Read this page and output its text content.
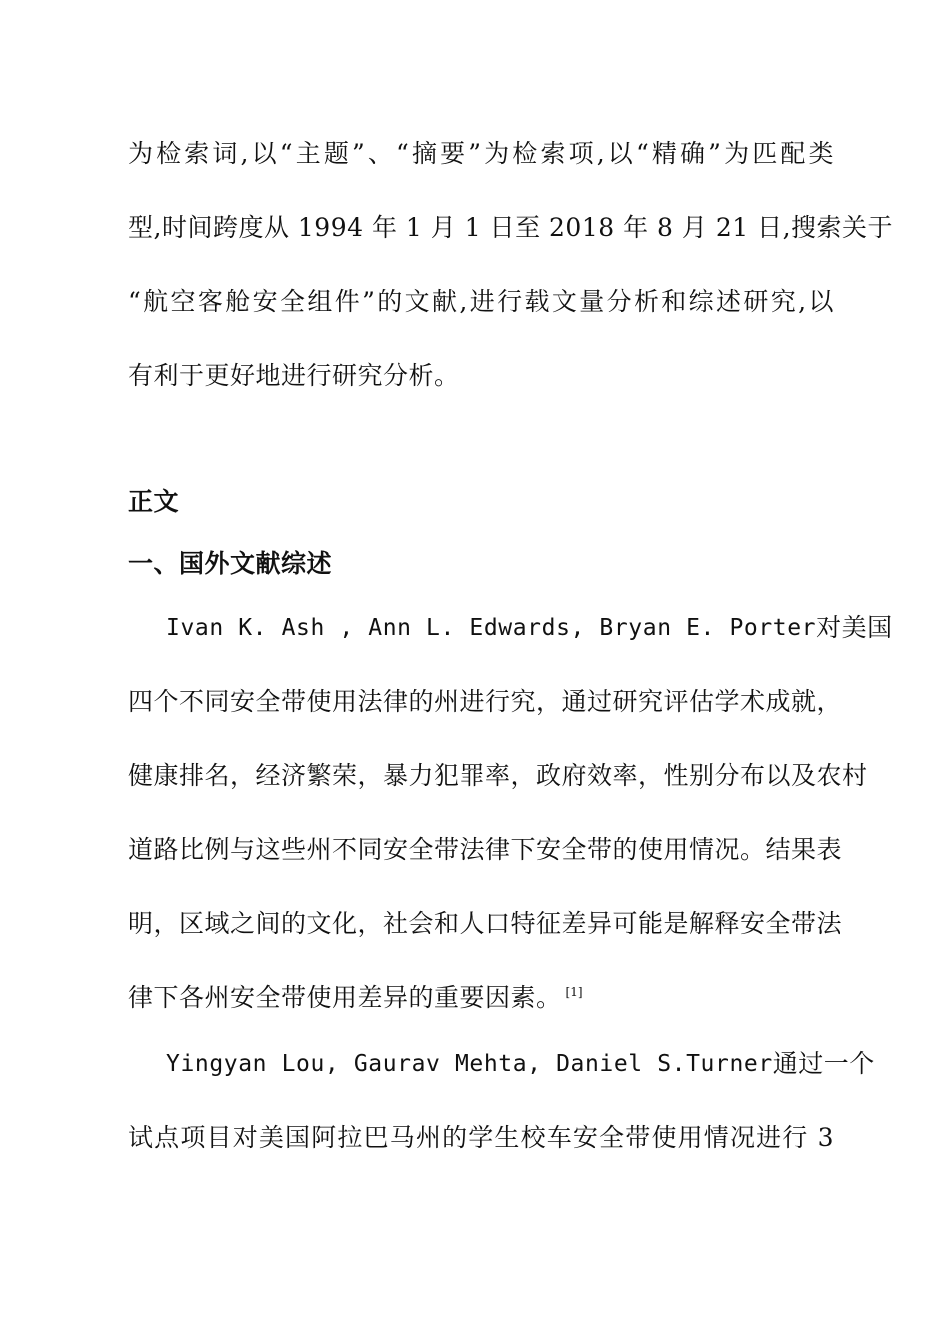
为检索词,以“主题”、“摘要”为检索项,以“精确”为匹配类
型,时间跨度从 1994 年 1 月 1 日至 2018 年 8 月 21 日,搜索关于
“航空客舱安全组件”的文献,进行载文量分析和综述研究,以
有利于更好地进行研究分析。
正文
一、国外文献综述
Ivan K. Ash , Ann L. Edwards, Bryan E. Porter 对美国
四个不同安全带使用法律的州进行究，通过研究评估学术成就，
健康排名，经济繁荣，暴力犯罪率，政府效率，性别分布以及农村
道路比例与这些州不同安全带法律下安全带的使用情况。结果表
明，区域之间的文化，社会和人口特征差异可能是解释安全带法
律下各州安全带使用差异的重要因素。 [1]
Yingyan Lou, Gaurav Mehta, Daniel S.Turner 通过一个
试点项目对美国阿拉巴马州的学生校车安全带使用情况进行 3
